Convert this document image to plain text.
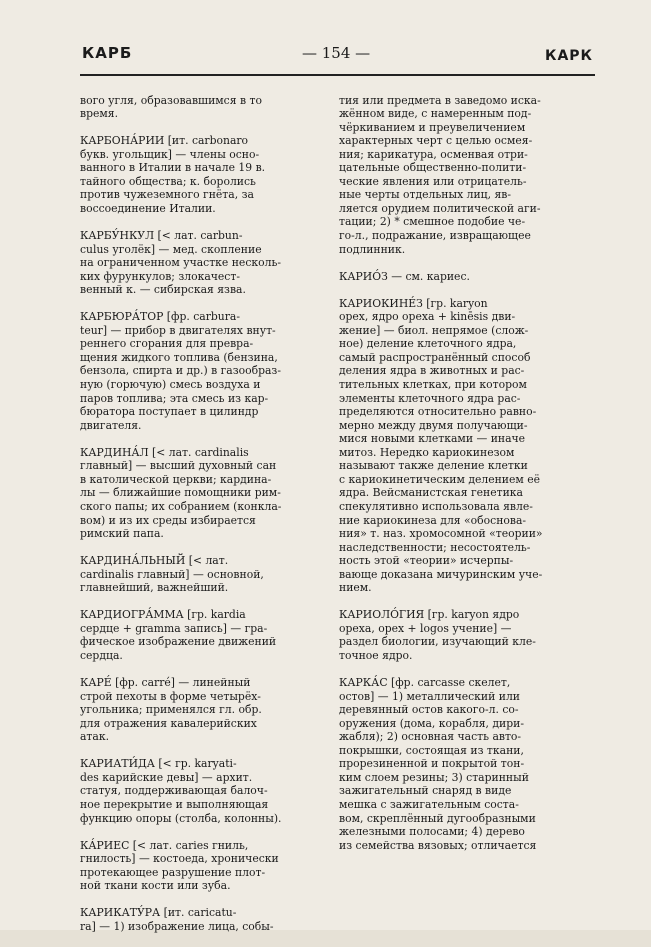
КАРБ	— 154 —	КАРК

вого угля, образовавшимся в то
время.

КАРБОНА́РИИ [ит. carbonaro
букв. угольщик] — члены осно-
ванного в Италии в начале 19 в.
тайного общества; к. боролись
против чужеземного гнёта, за
воссоединение Италии.

КАРБУ́НКУЛ [< лат. carbun-
culus уголёк] — мед. скопление
на ограниченном участке несколь-
ких фурункулов; злокачест-
венный к. — сибирская язва.

КАРБЮРА́ТОР [фр. carbura-
teur] — прибор в двигателях внут-
реннего сгорания для превра-
щения жидкого топлива (бензина,
бензола, спирта и др.) в газообраз-
ную (горючую) смесь воздуха и
паров топлива; эта смесь из кар-
бюратора поступает в цилиндр
двигателя.

КАРДИНА́Л [< лат. cardinalis
главный] — высший духовный сан
в католической церкви; кардина-
лы — ближайшие помощники рим-
ского папы; их собранием (конкла-
вом) и из их среды избирается
римский папа.

КАРДИНА́ЛЬНЫЙ [< лат.
cardinalis главный] — основной,
главнейший, важнейший.

КАРДИОГРА́ММА [гр. kardia
сердце + gramma запись] — гра-
фическое изображение движений
сердца.

КАРЕ́ [фр. carré] — линейный
строй пехоты в форме четырёх-
угольника; применялся гл. обр.
для отражения кавалерийских
атак.

КАРИАТИ́ДА [< гр. karyati-
des карийские девы] — архит.
статуя, поддерживающая балоч-
ное перекрытие и выполняющая
функцию опоры (столба, колонны).

КА́РИЕС [< лат. caries гниль,
гнилость] — костоеда, хронически
протекающее разрушение плот-
ной ткани кости или зуба.

КАРИКАТУ́РА [ит. caricatu-
ra] — 1) изображение лица, собы-

тия или предмета в заведомо иска-
жённом виде, с намеренным под-
чёркиванием и преувеличением
характерных черт с целью осмея-
ния; карикатура, осменвая отри-
цательные общественно-полити-
ческие явления или отрицатель-
ные черты отдельных лиц, яв-
ляется орудием политической аги-
тации; 2) * смешное подобие че-
го-л., подражание, извращающее
подлинник.

КАРИО́З — см. кариес.

КАРИОКИНЕ́З [гр. karyon
орех, ядро ореха + kinēsis дви-
жение] — биол. непрямое (слож-
ное) деление клеточного ядра,
самый распространённый способ
деления ядра в животных и рас-
тительных клетках, при котором
элементы клеточного ядра рас-
пределяются относительно равно-
мерно между двумя получающи-
мися новыми клетками — иначе
митоз. Нередко кариокинезом
называют также деление клетки
с кариокинетическим делением её
ядра. Вейсманистская генетика
спекулятивно использовала явле-
ние кариокинеза для «обоснова-
ния» т. наз. хромосомной «теории»
наследственности; несостоятель-
ность этой «теории» исчерпы-
вающе доказана мичуринским уче-
нием.

КАРИОЛО́ГИЯ [гр. karyon ядро
ореха, орех + logos учение] —
раздел биологии, изучающий кле-
точное ядро.

КАРКА́С [фр. carcasse скелет,
остов] — 1) металлический или
деревянный остов какого-л. со-
оружения (дома, корабля, дири-
жабля); 2) основная часть авто-
покрышки, состоящая из ткани,
прорезиненной и покрытой тон-
ким слоем резины; 3) старинный
зажигательный снаряд в виде
мешка с зажигательным соста-
вом, скреплённый дугообразными
железными полосами; 4) дерево
из семейства вязовых; отличается
